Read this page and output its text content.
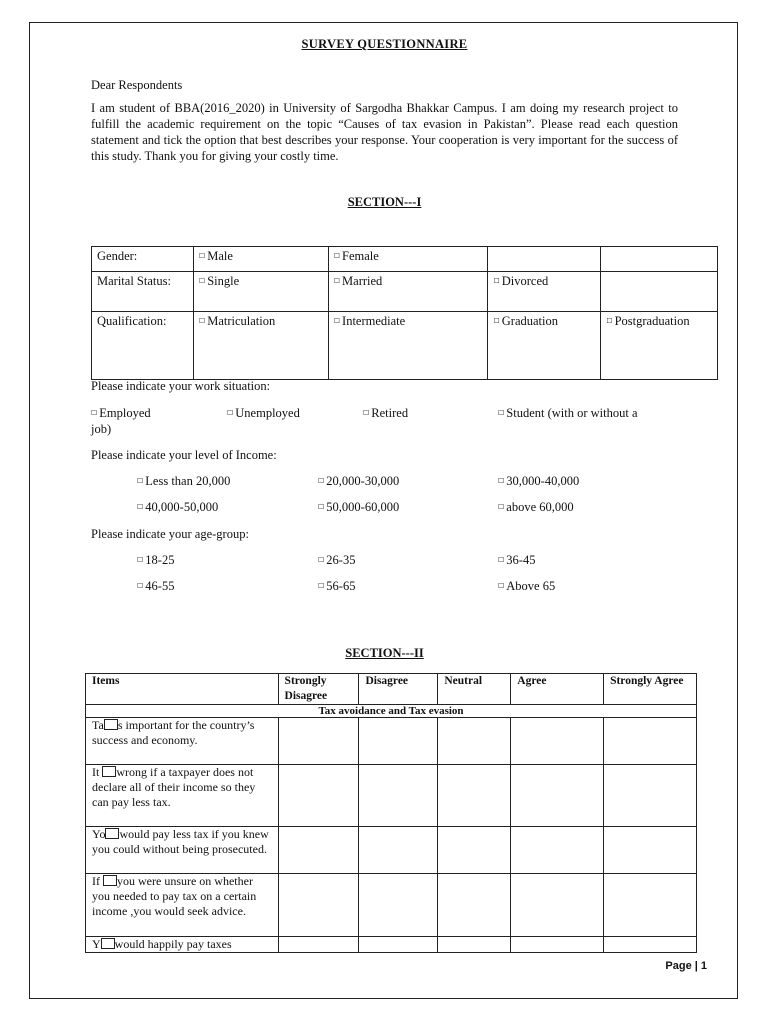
SURVEY QUESTIONNAIRE
Dear Respondents
I am student of BBA(2016_2020) in University of Sargodha Bhakkar Campus. I am doing my research project to fulfill the academic requirement on the topic “Causes of tax evasion in Pakistan”. Please read each question statement and tick the option that best describes your response. Your cooperation is very important for the success of this study. Thank you for giving your costly time.
SECTION---I
Gender:	☐ Male	☐ Female		
Marital Status:	☐ Single	☐ Married	☐ Divorced	
Qualification:	☐ Matriculation	☐ Intermediate	☐ Graduation	☐ Postgraduation
Please indicate your work situation:
☐ Employed	☐ Unemployed	☐ Retired	☐ Student (with or without a
job)
Please indicate your level of Income:
☐ Less than 20,000	☐ 20,000-30,000	☐ 30,000-40,000
☐ 40,000-50,000	☐ 50,000-60,000	☐ above 60,000
Please indicate your age-group:
☐ 18-25	☐ 26-35	☐ 36-45
☐ 46-55	☐ 56-65	☐ Above 65
SECTION---II
Items	Strongly Disagree	Disagree	Neutral	Agree	Strongly Agree
Tax avoidance and Tax evasion					
Ta s important for the country’s success and economy.					
It wrong if a taxpayer does not declare all of their income so they can pay less tax.					
Yo would pay less tax if you knew you could without being prosecuted.					
If you were unsure on whether you needed to pay tax on a certain income ,you would seek advice.					
Y would happily pay taxes					
Page | 1
